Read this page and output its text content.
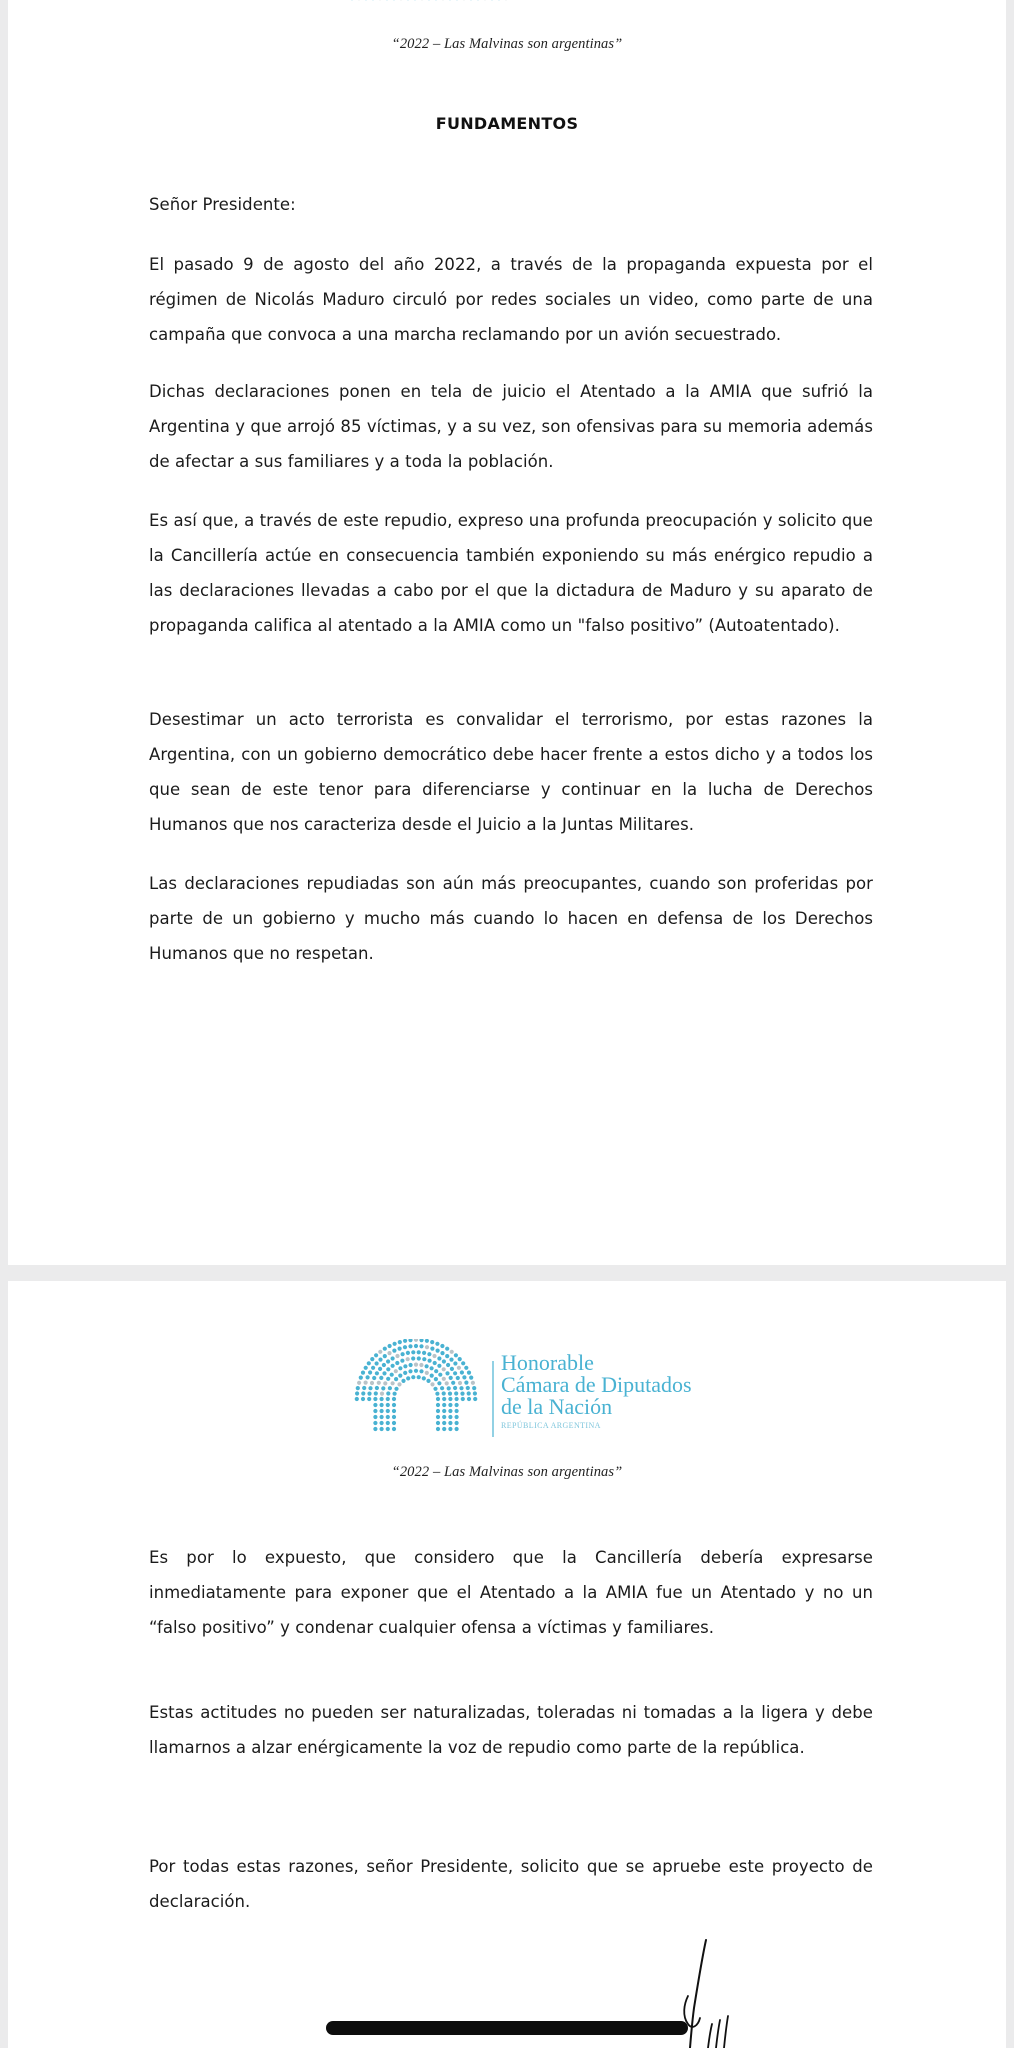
“2022 – Las Malvinas son argentinas”
FUNDAMENTOS

Señor Presidente:

El pasado 9 de agosto del año 2022, a través de la propaganda expuesta por el régimen de Nicolás Maduro circuló por redes sociales un video, como parte de una campaña que convoca a una marcha reclamando por un avión secuestrado.

Dichas declaraciones ponen en tela de juicio el Atentado a la AMIA que sufrió la Argentina y que arrojó 85 víctimas, y a su vez, son ofensivas para su memoria además de afectar a sus familiares y a toda la población.

Es así que, a través de este repudio, expreso una profunda preocupación y solicito que la Cancillería actúe en consecuencia también exponiendo su más enérgico repudio a las declaraciones llevadas a cabo por el que la dictadura de Maduro y su aparato de propaganda califica al atentado a la AMIA como un "falso positivo” (Autoatentado).

Desestimar un acto terrorista es convalidar el terrorismo, por estas razones la Argentina, con un gobierno democrático debe hacer frente a estos dicho y a todos los que sean de este tenor para diferenciarse y continuar en la lucha de Derechos Humanos que nos caracteriza desde el Juicio a la Juntas Militares.

Las declaraciones repudiadas son aún más preocupantes, cuando son proferidas por parte de un gobierno y mucho más cuando lo hacen en defensa de los Derechos Humanos que no respetan.

Honorable
Cámara de Diputados
de la Nación
REPÚBLICA ARGENTINA
“2022 – Las Malvinas son argentinas”

Es por lo expuesto, que considero que la Cancillería debería expresarse inmediatamente para exponer que el Atentado a la AMIA fue un Atentado y no un “falso positivo” y condenar cualquier ofensa a víctimas y familiares.

Estas actitudes no pueden ser naturalizadas, toleradas ni tomadas a la ligera y debe llamarnos a alzar enérgicamente la voz de repudio como parte de la república.

Por todas estas razones, señor Presidente, solicito que se apruebe este proyecto de declaración.
